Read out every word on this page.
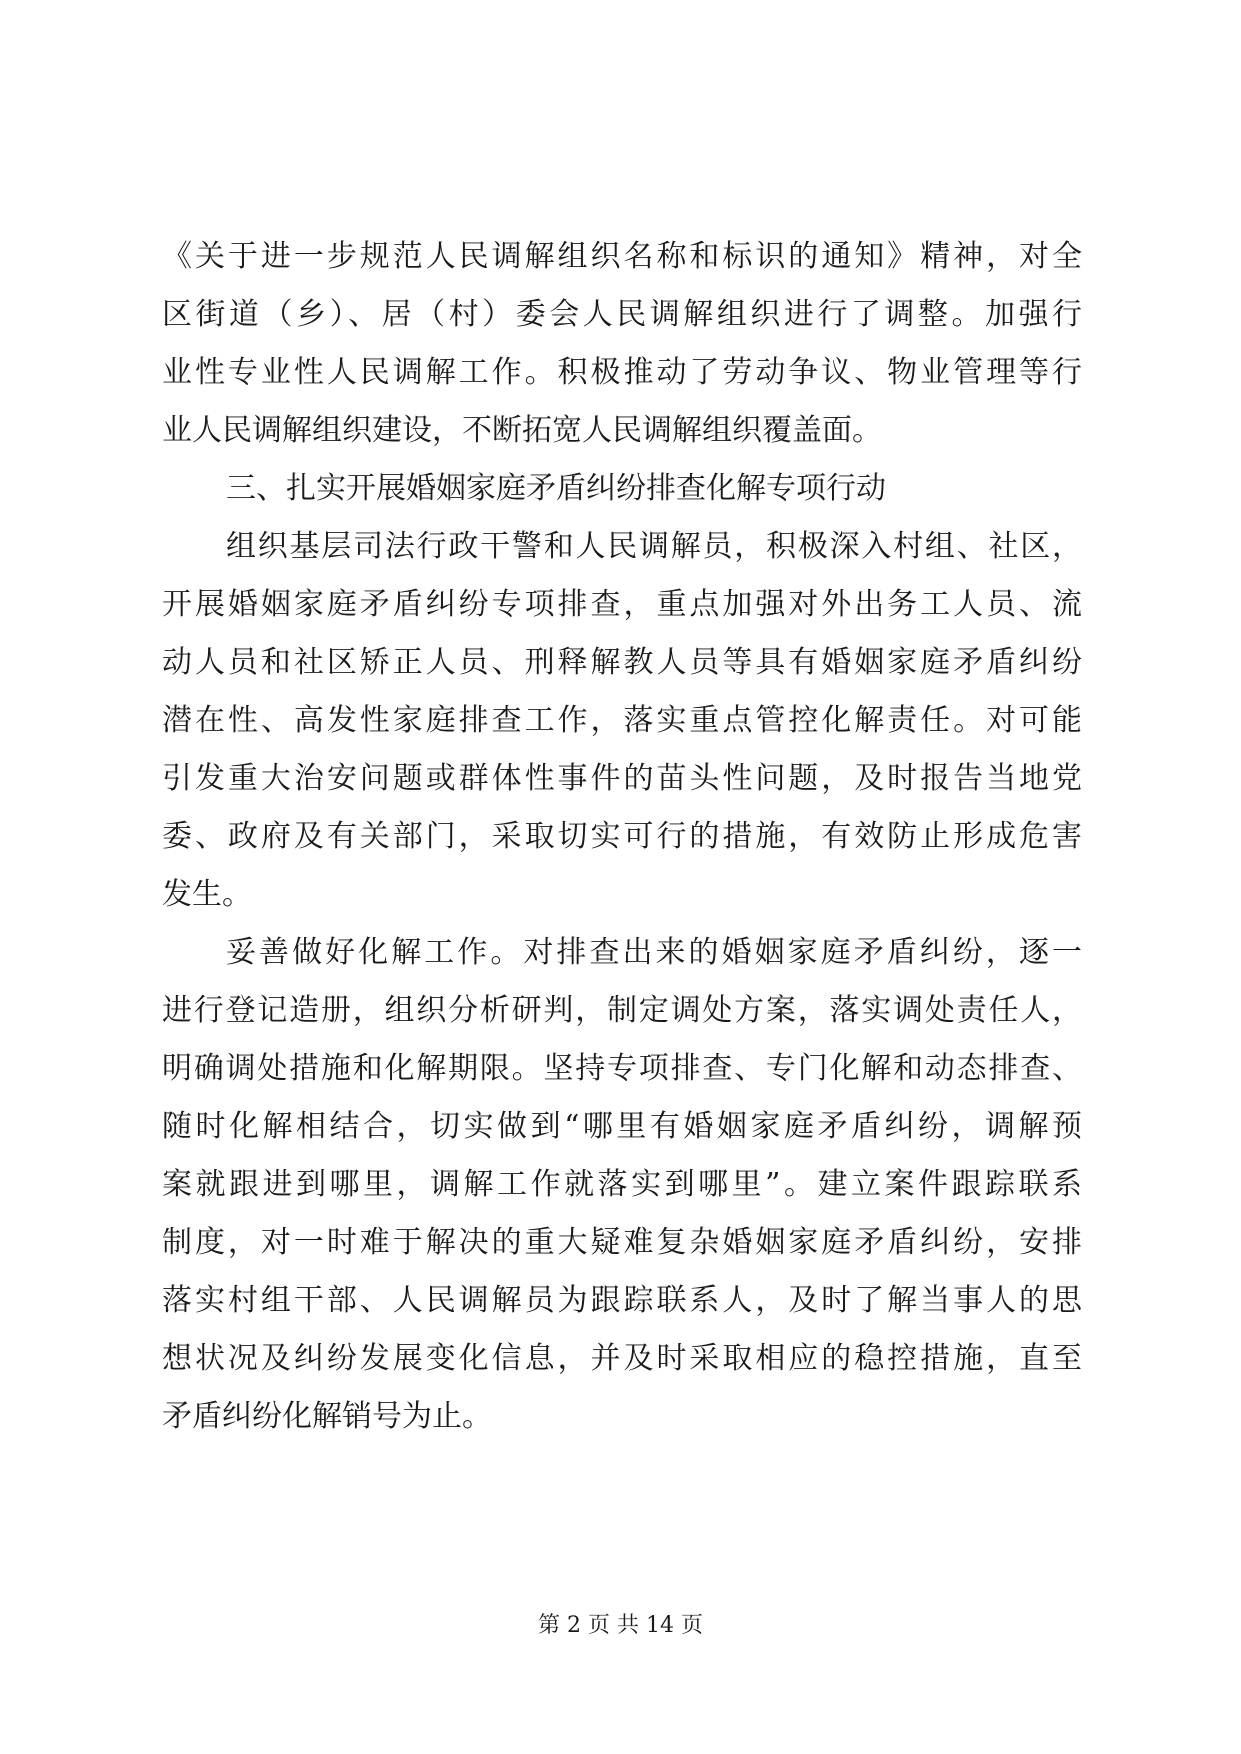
《关于进一步规范人民调解组织名称和标识的通知》精神，对全
区街道（乡）、居（村）委会人民调解组织进行了调整。加强行
业性专业性人民调解工作。积极推动了劳动争议、物业管理等行
业人民调解组织建设，不断拓宽人民调解组织覆盖面。
三、扎实开展婚姻家庭矛盾纠纷排查化解专项行动
组织基层司法行政干警和人民调解员，积极深入村组、社区，
开展婚姻家庭矛盾纠纷专项排查，重点加强对外出务工人员、流
动人员和社区矫正人员、刑释解教人员等具有婚姻家庭矛盾纠纷
潜在性、高发性家庭排查工作，落实重点管控化解责任。对可能
引发重大治安问题或群体性事件的苗头性问题，及时报告当地党
委、政府及有关部门，采取切实可行的措施，有效防止形成危害
发生。
妥善做好化解工作。对排查出来的婚姻家庭矛盾纠纷，逐一
进行登记造册，组织分析研判，制定调处方案，落实调处责任人，
明确调处措施和化解期限。坚持专项排查、专门化解和动态排查、
随时化解相结合，切实做到“哪里有婚姻家庭矛盾纠纷，调解预
案就跟进到哪里，调解工作就落实到哪里”。建立案件跟踪联系
制度，对一时难于解决的重大疑难复杂婚姻家庭矛盾纠纷，安排
落实村组干部、人民调解员为跟踪联系人，及时了解当事人的思
想状况及纠纷发展变化信息，并及时采取相应的稳控措施，直至
矛盾纠纷化解销号为止。
第 2 页 共 14 页
